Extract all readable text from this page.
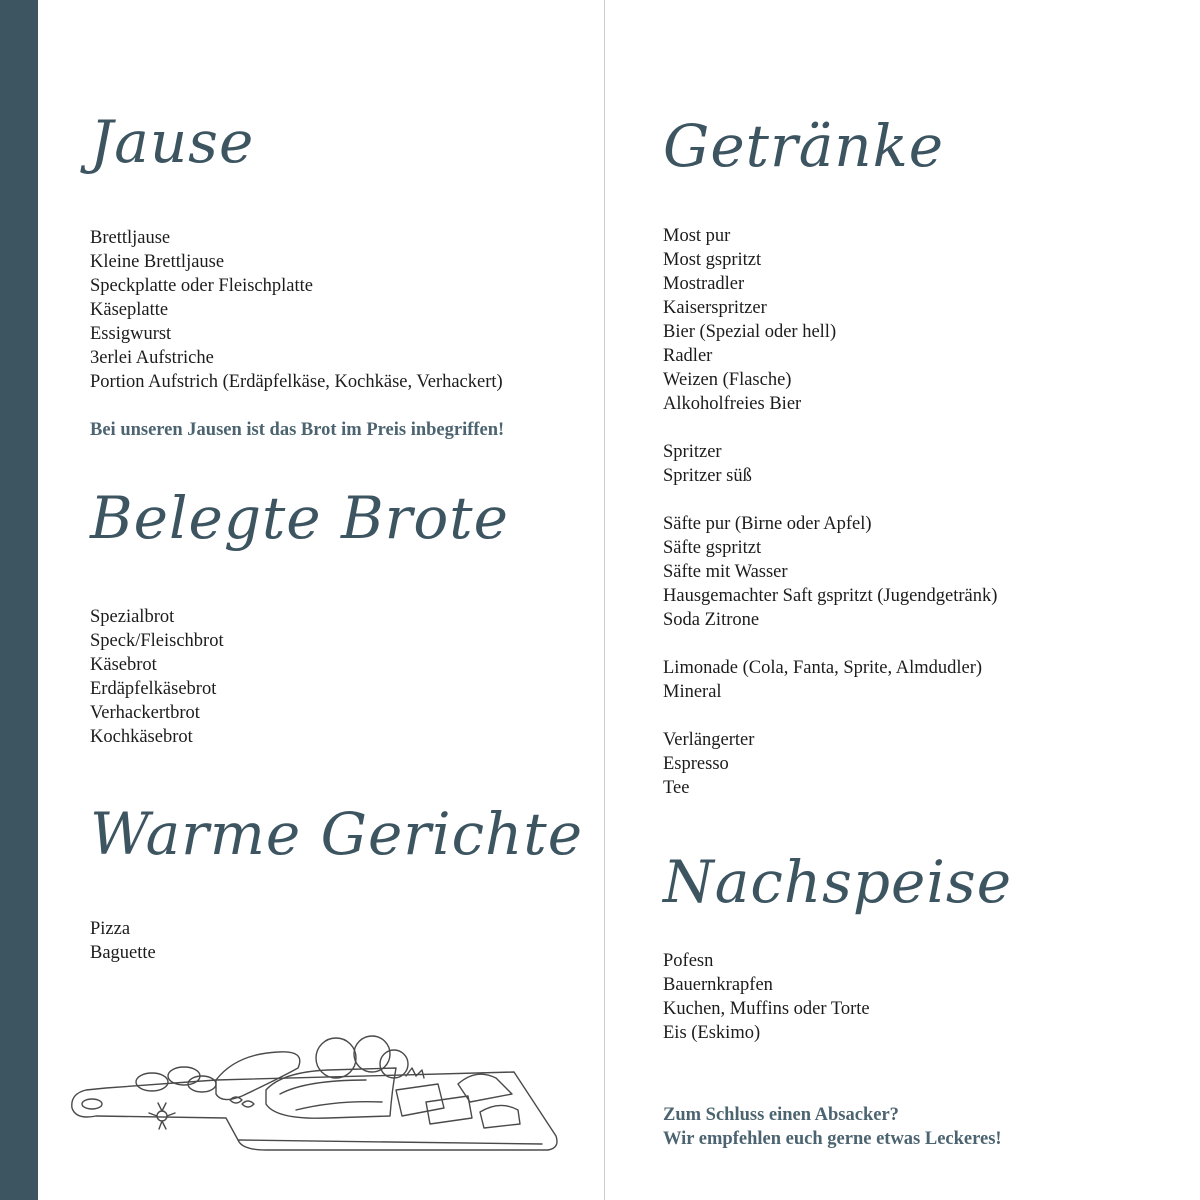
Jause
Brettljause
Kleine Brettljause
Speckplatte oder Fleischplatte
Käseplatte
Essigwurst
3erlei Aufstriche
Portion Aufstrich (Erdäpfelkäse, Kochkäse, Verhackert)

Bei unseren Jausen ist das Brot im Preis inbegriffen!

Belegte Brote
Spezialbrot
Speck/Fleischbrot
Käsebrot
Erdäpfelkäsebrot
Verhackertbrot
Kochkäsebrot
Warme Gerichte
Pizza
Baguette
Getränke
Most pur
Most gspritzt
Mostradler
Kaiserspritzer
Bier (Spezial oder hell)
Radler
Weizen (Flasche)
Alkoholfreies Bier
Spritzer
Spritzer süß
Säfte pur (Birne oder Apfel)
Säfte gspritzt
Säfte mit Wasser
Hausgemachter Saft gspritzt (Jugendgetränk)
Soda Zitrone
Limonade (Cola, Fanta, Sprite, Almdudler)
Mineral
Verlängerter
Espresso
Tee
Nachspeise
Pofesn
Bauernkrapfen
Kuchen, Muffins oder Torte
Eis (Eskimo)

Zum Schluss einen Absacker?

Wir empfehlen euch gerne etwas Leckeres!
